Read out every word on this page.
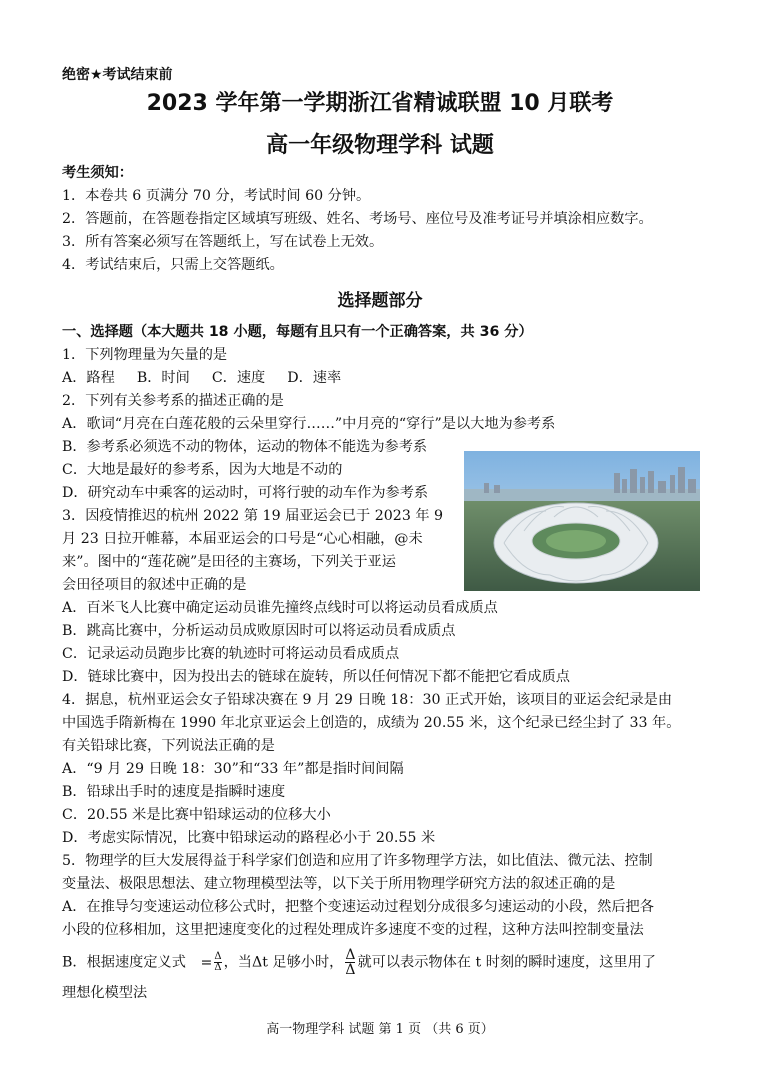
绝密★考试结束前
2023 学年第一学期浙江省精诚联盟 10 月联考
高一年级物理学科 试题
考生须知：
1．本卷共 6 页满分 70 分，考试时间 60 分钟。
2．答题前，在答题卷指定区域填写班级、姓名、考场号、座位号及准考证号并填涂相应数字。
3．所有答案必须写在答题纸上，写在试卷上无效。
4．考试结束后，只需上交答题纸。
选择题部分
一、选择题（本大题共 18 小题，每题有且只有一个正确答案，共 36 分）
1．下列物理量为矢量的是
A．路程 B．时间 C．速度 D．速率
2．下列有关参考系的描述正确的是
A．歌词“月亮在白莲花般的云朵里穿行……”中月亮的“穿行”是以大地为参考系
B．参考系必须选不动的物体，运动的物体不能选为参考系
C．大地是最好的参考系，因为大地是不动的
D．研究动车中乘客的运动时，可将行驶的动车作为参考系
3．因疫情推迟的杭州 2022 第 19 届亚运会已于 2023 年 9
月 23 日拉开帷幕，本届亚运会的口号是“心心相融，@未
来”。图中的“莲花碗”是田径的主赛场，下列关于亚运
会田径项目的叙述中正确的是
A．百米飞人比赛中确定运动员谁先撞终点线时可以将运动员看成质点
B．跳高比赛中，分析运动员成败原因时可以将运动员看成质点
C．记录运动员跑步比赛的轨迹时可将运动员看成质点
D．链球比赛中，因为投出去的链球在旋转，所以任何情况下都不能把它看成质点
4．据息，杭州亚运会女子铅球决赛在 9 月 29 日晚 18：30 正式开始，该项目的亚运会纪录是由
中国选手隋新梅在 1990 年北京亚运会上创造的，成绩为 20.55 米，这个纪录已经尘封了 33 年。
有关铅球比赛，下列说法正确的是
A．“9 月 29 日晚 18：30”和“33 年”都是指时间间隔
B．铅球出手时的速度是指瞬时速度
C．20.55 米是比赛中铅球运动的位移大小
D．考虑实际情况，比赛中铅球运动的路程必小于 20.55 米
5．物理学的巨大发展得益于科学家们创造和应用了许多物理学方法，如比值法、微元法、控制
变量法、极限思想法、建立物理模型法等，以下关于所用物理学研究方法的叙述正确的是
A．在推导匀变速运动位移公式时，把整个变速运动过程划分成很多匀速运动的小段，然后把各
小段的位移相加，这里把速度变化的过程处理成许多速度不变的过程，这种方法叫控制变量法
B．根据速度定义式 = $\frac{\Delta}{\Delta}$ ，当Δt 足够小时， $\frac{\Delta}{\Delta}$ 就可以表示物体在 t 时刻的瞬时速度，这里用了
理想化模型法
高一物理学科 试题 第 1 页 （共 6 页）
